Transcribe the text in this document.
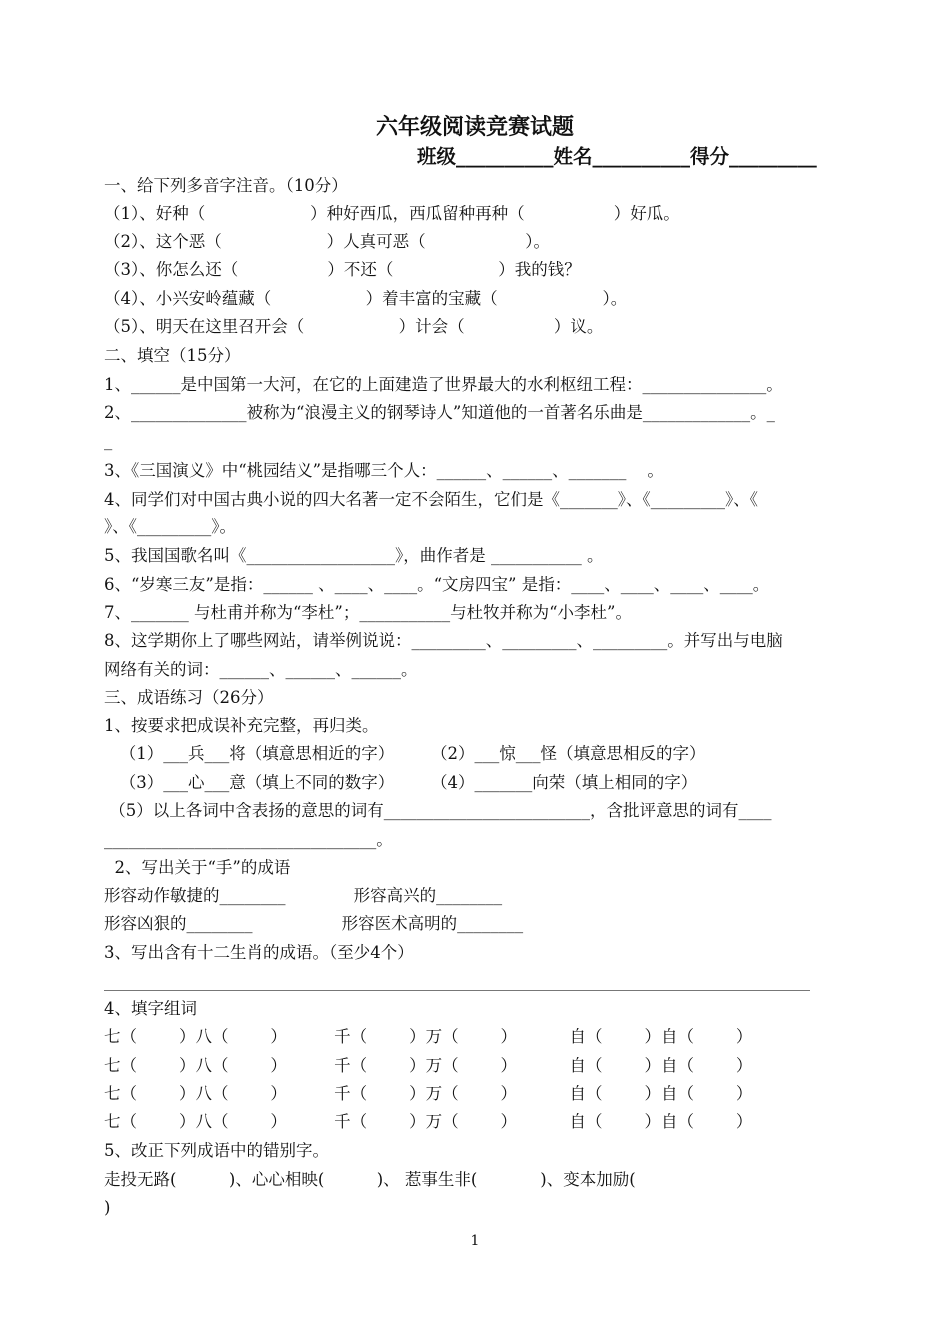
六年级阅读竞赛试题
班级__________姓名__________得分_________
一、给下列多音字注音。（10分）
（1）、好种（                    ）种好西瓜，西瓜留种再种（                 ）好瓜。
（2）、这个恶（                    ）人真可恶（                   ）。
（3）、你怎么还（                 ）不还（                    ）我的钱？
（4）、小兴安岭蕴藏（                  ）着丰富的宝藏（                    ）。
（5）、明天在这里召开会（                  ）计会（                 ）议。
二、填空（15分）
1、______是中国第一大河，在它的上面建造了世界最大的水利枢纽工程：_______________。
2、______________被称为“浪漫主义的钢琴诗人”知道他的一首著名乐曲是_____________。_
_
3、《三国演义》中“桃园结义”是指哪三个人：______、______、_______    。
4、同学们对中国古典小说的四大名著一定不会陌生，它们是《_______》、《_________》、《
》、《_________》。
5、我国国歌名叫《__________________》，曲作者是 ___________ 。
6、“岁寒三友”是指：______ 、____、____。“文房四宝” 是指：____、____、____、____。
7、_______ 与杜甫并称为“李杜”；___________与杜牧并称为“小李杜”。
8、这学期你上了哪些网站，请举例说说：_________、_________、_________。并写出与电脑
网络有关的词：______、______、______。
三、成语练习（26分）
1、按要求把成误补充完整，再归类。
（1）___兵___将（填意思相近的字）       （2）___惊___怪（填意思相反的字）
（3）___心___意（填上不同的数字）       （4）_______向荣（填上相同的字）
（5）以上各词中含表扬的意思的词有_________________________，含批评意思的词有____
_________________________________。
2、写出关于“手”的成语
形容动作敏捷的________             形容高兴的________
形容凶狠的________                 形容医术高明的________
3、写出含有十二生肖的成语。（至少4个）
4、填字组词
七（        ）八（        ）         千（        ）万（        ）          自（        ）自（        ）
七（        ）八（        ）         千（        ）万（        ）          自（        ）自（        ）
七（        ）八（        ）         千（        ）万（        ）          自（        ）自（        ）
七（        ）八（        ）         千（        ）万（        ）          自（        ）自（        ）
5、改正下列成语中的错别字。
走投无路(          )、心心相映(          )、 惹事生非(            )、变本加励(
)
1
